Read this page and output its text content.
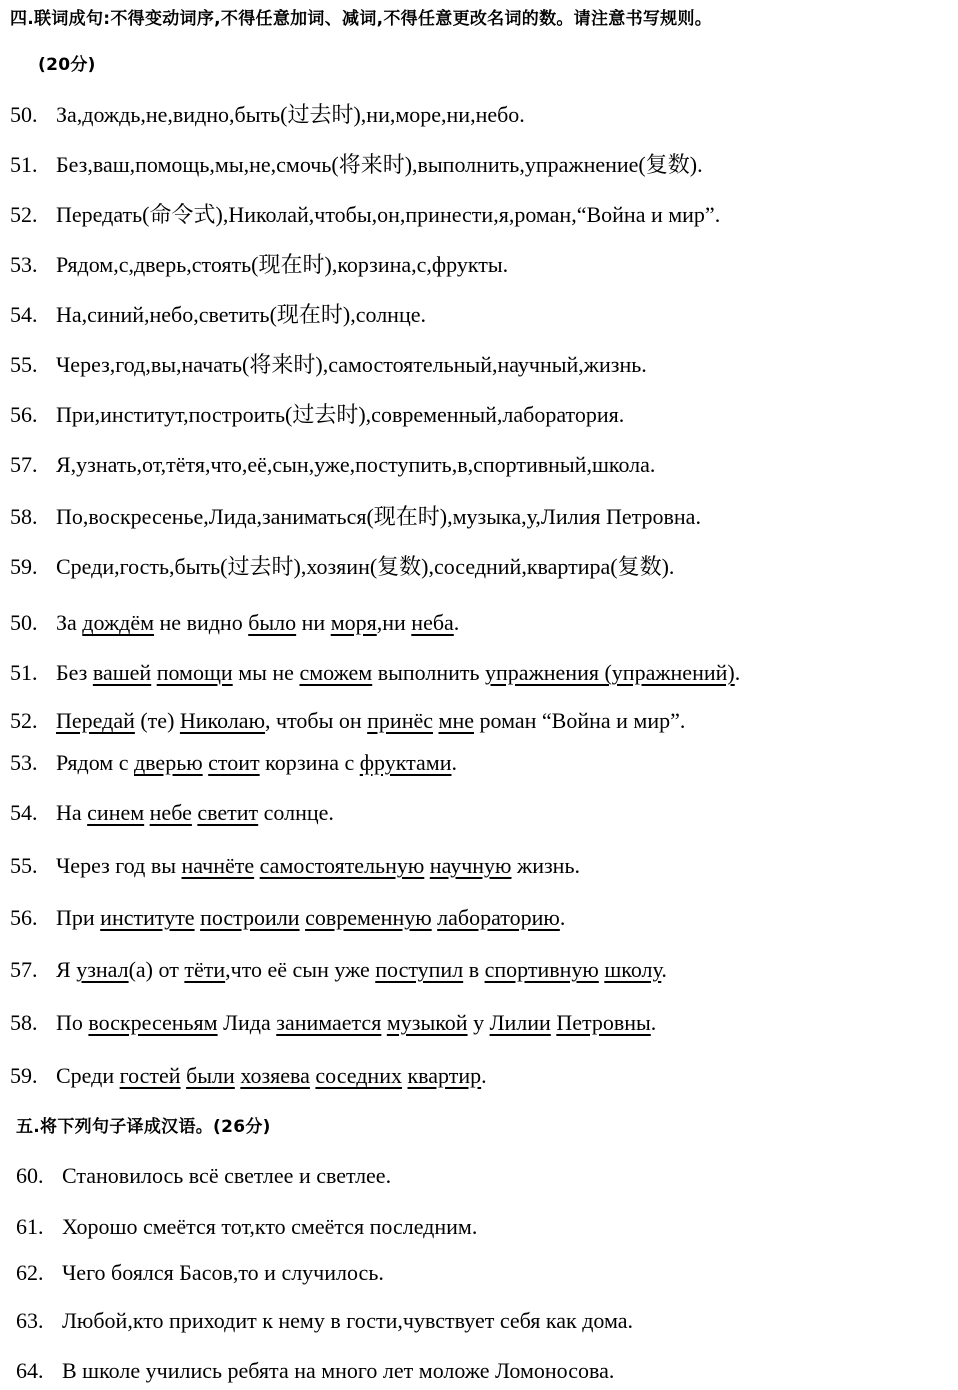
四.联词成句:不得变动词序,不得任意加词、减词,不得任意更改名词的数。请注意书写规则。
(20分)
50. За,дождь,не,видно,быть(过去时),ни,море,ни,небо.
51. Без,ваш,помощь,мы,не,смочь(将来时),выполнить,упражнение(复数).
52. Передать(命令式),Николай,чтобы,он,принести,я,роман,“Война и мир”.
53. Рядом,с,дверь,стоять(现在时),корзина,с,фрукты.
54. На,синий,небо,светить(现在时),солнце.
55. Через,год,вы,начать(将来时),самостоятельный,научный,жизнь.
56. При,институт,построить(过去时),современный,лаборатория.
57. Я,узнать,от,тётя,что,её,сын,уже,поступить,в,спортивный,школа.
58. По,воскресенье,Лида,заниматься(现在时),музыка,у,Лилия Петровна.
59. Среди,гость,быть(过去时),хозяин(复数),соседний,квартира(复数).
50. За дождём не видно было ни моря,ни неба.
51. Без вашей помощи мы не сможем выполнить упражнения (упражнений).
52. Передай (те) Николаю, чтобы он принёс мне роман “Война и мир”.
53. Рядом с дверью стоит корзина с фруктами.
54. На синем небе светит солнце.
55. Через год вы начнёте самостоятельную научную жизнь.
56. При институте построили современную лабораторию.
57. Я узнал(а) от тёти,что её сын уже поступил в спортивную школу.
58. По воскресеньям Лида занимается музыкой у Лилии Петровны.
59. Среди гостей были хозяева соседних квартир.
五.将下列句子译成汉语。(26分)
60. Становилось всё светлее и светлее.
61. Хорошо смеётся тот,кто смеётся последним.
62. Чего боялся Басов,то и случилось.
63. Любой,кто приходит к нему в гости,чувствует себя как дома.
64. В школе учились ребята на много лет моложе Ломоносова.
